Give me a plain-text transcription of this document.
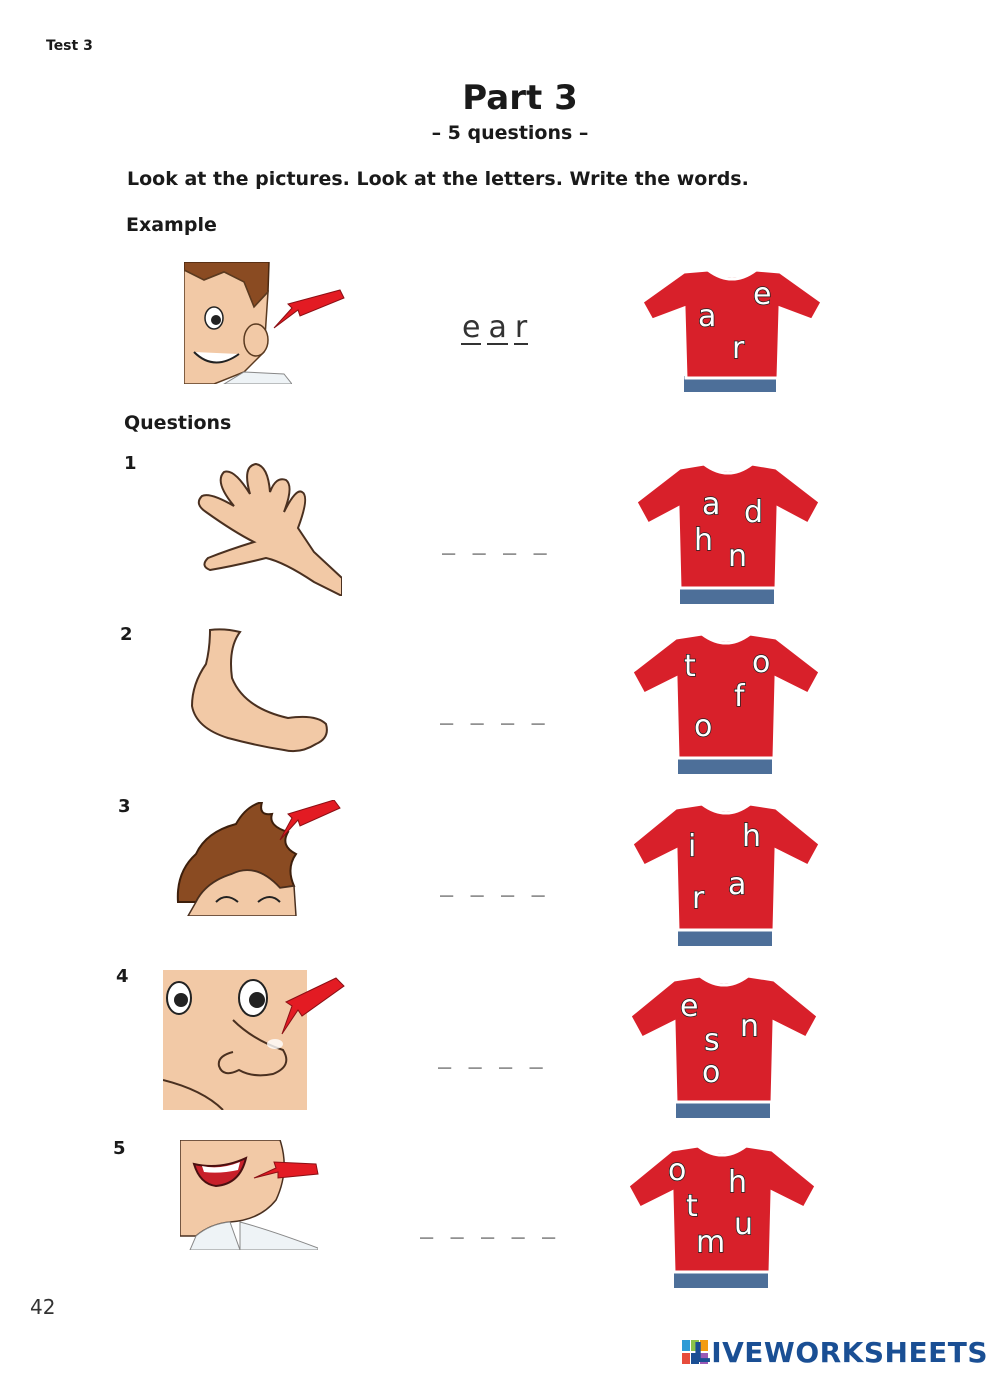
Test 3
Part 3
– 5 questions –
Look at the pictures. Look at the letters. Write the words.
Example
e a r
e
a
r
Questions
1
_ _ _ _
a d
h n
2
_ _ _ _
t o
f
o
3
_ _ _ _
i h
a
r
4
_ _ _ _
e
n
s
o
5
_ _ _ _ _
o h
t
u
m
42
LIVEWORKSHEETS
